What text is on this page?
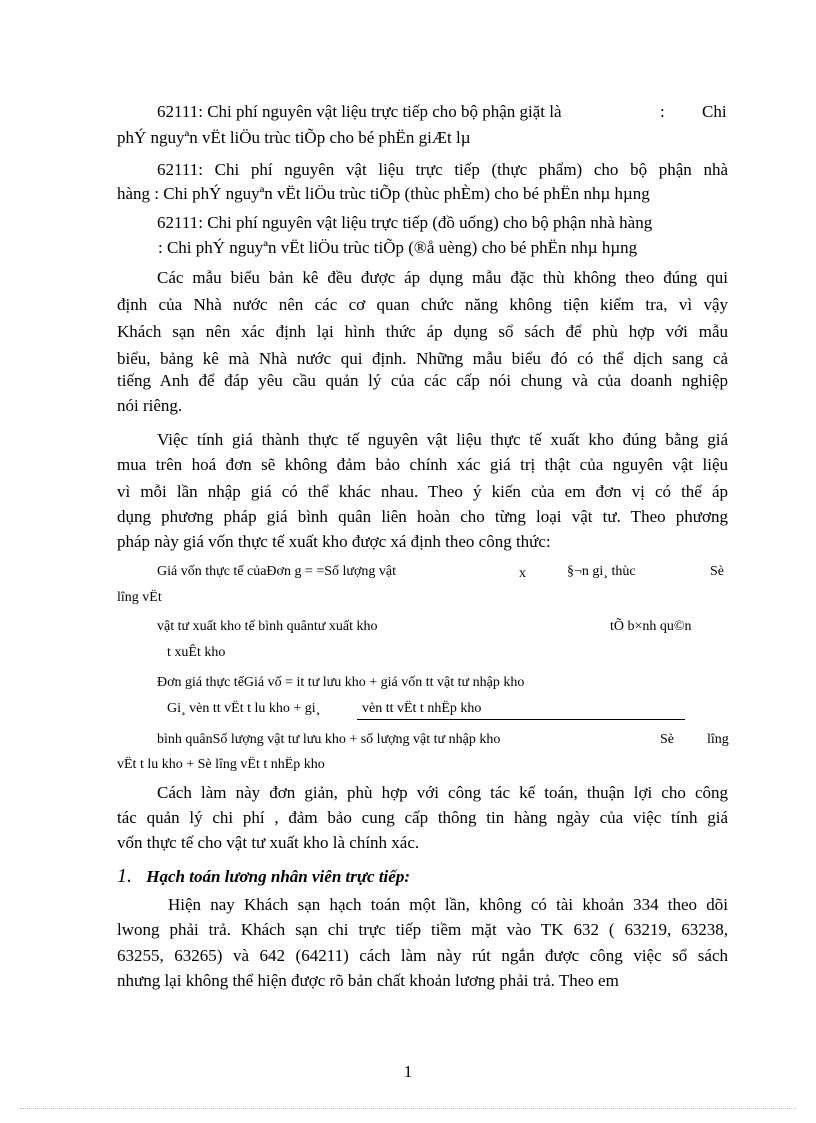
62111: Chi phí nguyên vật liệu trực tiếp cho bộ phận giặt là	: Chi
phÝ nguyªn vËt liÖu trùc tiÕp cho bé phËn giÆt lµ
62111: Chi phí nguyên vật liệu trực tiếp (thực phẩm) cho bộ phận nhà
hàng : Chi phÝ nguyªn vËt liÖu trùc tiÕp (thùc phÈm) cho bé phËn nhµ hµng
62111: Chi phí nguyên vật liệu trực tiếp (đồ uống) cho bộ phận nhà hàng
: Chi phÝ nguyªn vËt liÖu trùc tiÕp (®å uèng) cho bé phËn nhµ hµng
Các mẫu biểu bản kê đều được áp dụng mẫu đặc thù không theo đúng qui
định của Nhà nước nên các cơ quan chức năng không tiện kiểm tra, vì vậy
Khách sạn nên xác định lại hình thức áp dụng sổ sách để phù hợp với mẫu
biểu, bảng kê mà Nhà nước qui định. Những mẫu biểu đó có thể dịch sang cả
tiếng Anh để đáp yêu cầu quản lý của các cấp nói chung và của doanh nghiệp
nói riêng.
Việc tính giá thành thực tế nguyên vật liệu thực tế xuất kho đúng bằng giá
mua trên hoá đơn sẽ không đảm bảo chính xác giá trị thật của nguyên vật liệu
vì mỗi lần nhập giá có thể khác nhau. Theo ý kiến của em đơn vị có thể áp
dụng phương pháp giá bình quân liên hoàn cho từng loại vật tư. Theo phương
pháp này giá vốn thực tế xuất kho được xá định theo công thức:
Giá vốn thực tế củaĐơn g = =Số lượng vật	x	§¬n gi¸ thùc	Sè
lîng vËt
vật tư xuất kho tế bình quântư xuất kho	tÕ b×nh qu©n
t xuÊt kho
Đơn giá thực tếGiá vố = it tư lưu kho + giá vốn tt vật tư nhập kho
Gi¸ vèn tt vËt t lu kho + gi¸	vèn tt vËt t nhËp kho
bình quânSố lượng vật tư lưu kho + số lượng vật tư nhập kho	Sè lîng
vËt t lu kho + Sè lîng vËt t nhËp kho
Cách làm này đơn giản, phù hợp với công tác kế toán, thuận lợi cho công
tác quản lý chi phí , đảm bảo cung cấp thông tin hàng ngày của việc tính giá
vốn thực tế cho vật tư xuất kho là chính xác.
1. Hạch toán lương nhân viên trực tiếp:
Hiện nay Khách sạn hạch toán một lần, không có tài khoản 334 theo dõi
lwong phải trả. Khách sạn chi trực tiếp tiềm mặt vào TK 632 ( 63219, 63238,
63255, 63265) và 642 (64211) cách làm này rút ngắn được công việc sổ sách
nhưng lại không thể hiện được rõ bản chất khoản lương phải trả. Theo em
1
